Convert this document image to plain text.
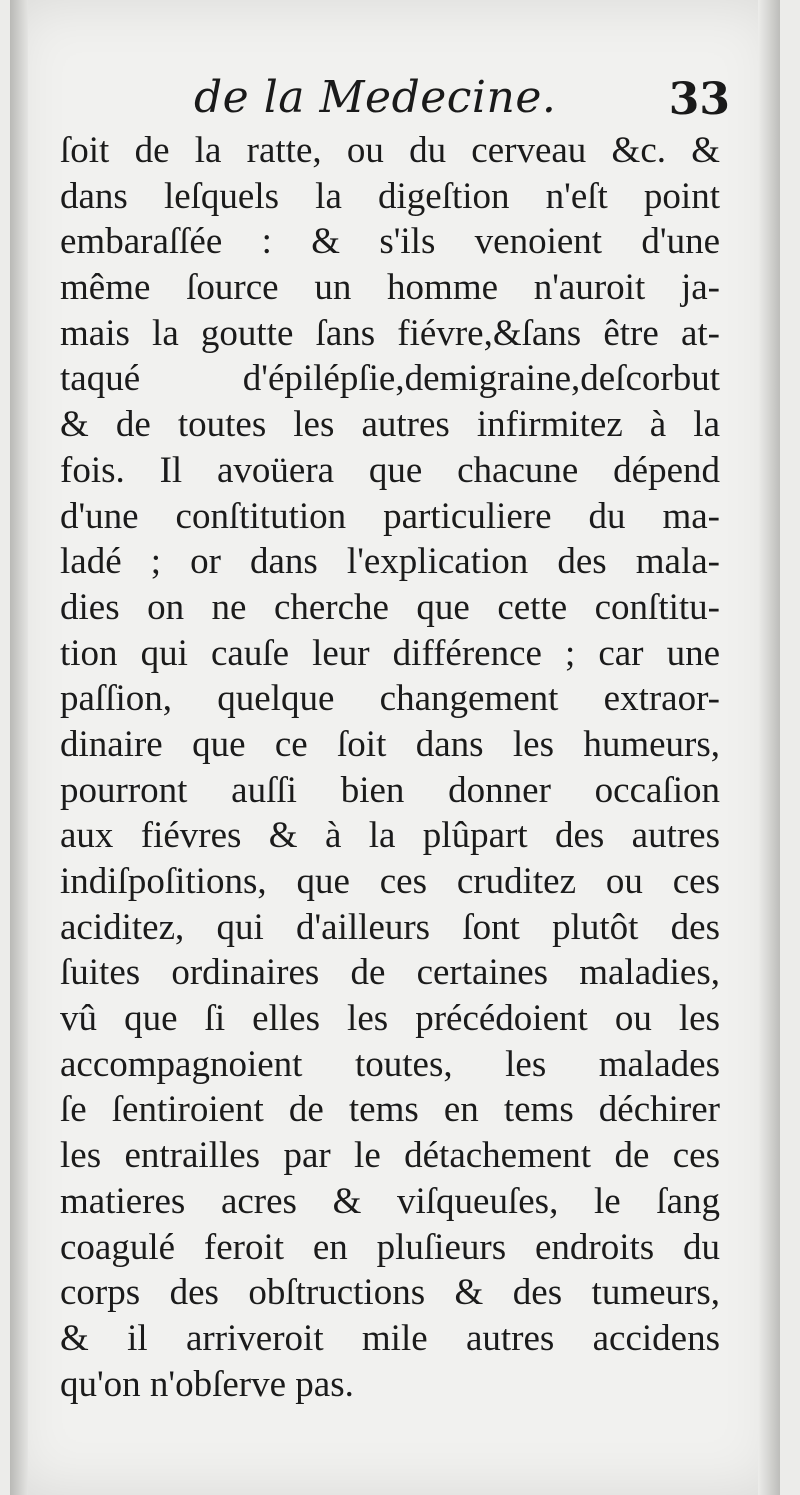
de la Medecine.	33
ſoit de la ratte, ou du cerveau &c. &
dans leſquels la digeſtion n'eſt point
embaraſſée : & s'ils venoient d'une
même ſource un homme n'auroit ja-
mais la goutte ſans fiévre,&ſans être at-
taqué d'épilépſie,demigraine,deſcorbut
& de toutes les autres infirmitez à la
fois. Il avoüera que chacune dépend
d'une conſtitution particuliere du ma-
ladé ; or dans l'explication des mala-
dies on ne cherche que cette conſtitu-
tion qui cauſe leur différence ; car une
paſſion, quelque changement extraor-
dinaire que ce ſoit dans les humeurs,
pourront auſſi bien donner occaſion
aux fiévres & à la plûpart des autres
indiſpoſitions, que ces cruditez ou ces
aciditez, qui d'ailleurs ſont plutôt des
ſuites ordinaires de certaines maladies,
vû que ſi elles les précédoient ou les
accompagnoient toutes, les malades
ſe ſentiroient de tems en tems déchirer
les entrailles par le détachement de ces
matieres acres & viſqueuſes, le ſang
coagulé feroit en pluſieurs endroits du
corps des obſtructions & des tumeurs,
& il arriveroit mile autres accidens
qu'on n'obſerve pas.
